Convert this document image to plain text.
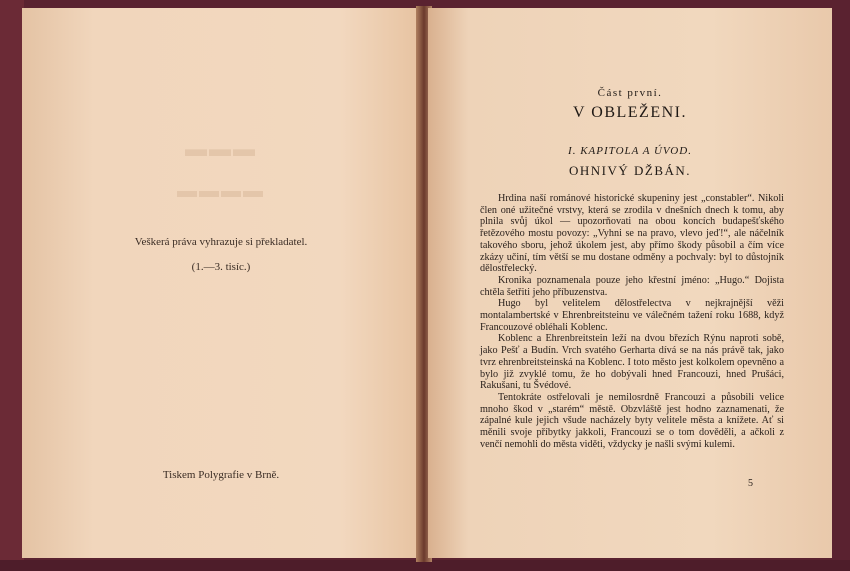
▬▬▬
▬▬▬▬
Veškerá práva vyhrazuje si překladatel.
(1.—3. tisíc.)
Tiskem Polygrafie v Brně.
Část první.
V OBLEŽENI.
I. KAPITOLA A ÚVOD.
OHNIVÝ DŽBÁN.

Hrdina naší románové historické skupeniny jest „constabler“. Nikoli člen oné užitečné vrstvy, která se zrodila v dnešních dnech k tomu, aby plnila svůj úkol — upozorňovati na obou koncích budapešťského řetězového mostu povozy: „Vyhni se na pravo, vlevo jeď!“, ale náčelník takového sboru, jehož úkolem jest, aby přímo škody působil a čím více zkázy učiní, tím větší se mu dostane odměny a pochvaly: byl to důstojník dělostřelecký.

Kronika poznamenala pouze jeho křestní jméno: „Hugo.“ Dojista chtěla šetřiti jeho příbuzenstva.

Hugo byl velitelem dělostřelectva v nejkrajnější věži montalambertské v Ehrenbreitsteinu ve válečném tažení roku 1688, když Francouzové obléhali Koblenc.

Koblenc a Ehrenbreitstein leží na dvou březích Rýnu naproti sobě, jako Pešť a Budín. Vrch svatého Gerharta dívá se na nás právě tak, jako tvrz ehrenbreitsteinská na Koblenc. I toto město jest kolkolem opevněno a bylo již zvyklé tomu, že ho dobývali hned Francouzi, hned Prušáci, Rakušani, tu Švédové.

Tentokráte ostřelovali je nemilosrdně Francouzi a působili velice mnoho škod v „starém“ městě. Obzvláště jest hodno zaznamenati, že zápalné kule jejich všude nacházely byty velitele města a knížete. Ať si měnili svoje příbytky jakkoli, Francouzi se o tom dověděli, a ačkoli z venčí nemohli do města viděti, vždycky je našli svými kulemi.

5
